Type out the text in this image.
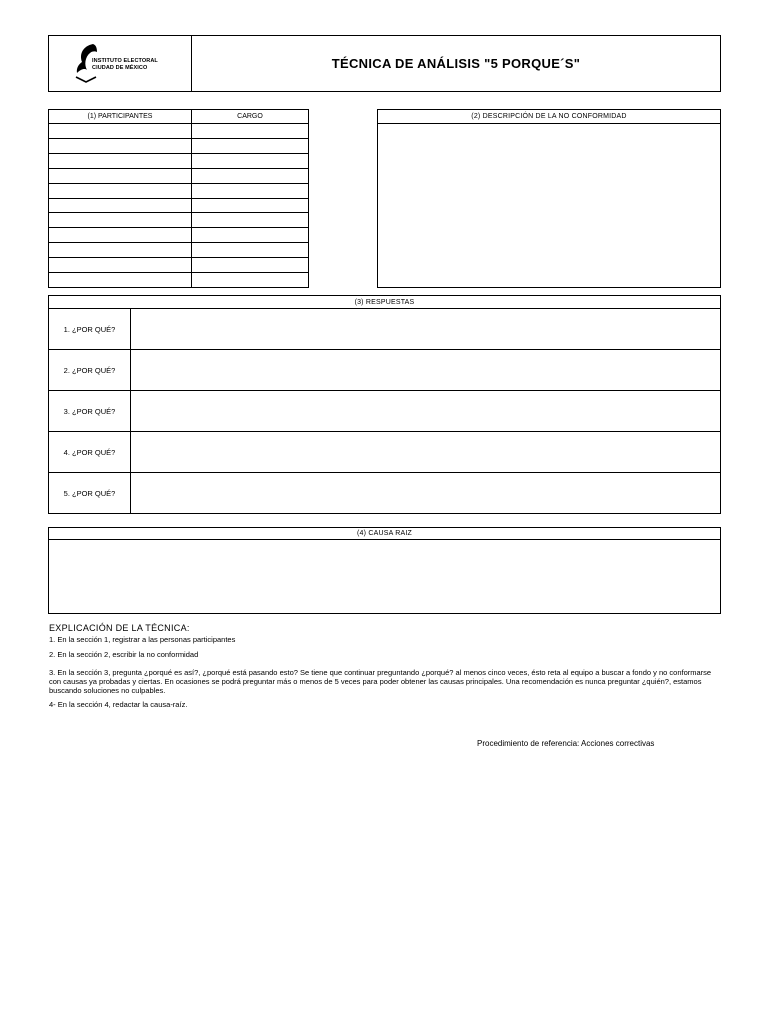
INSTITUTO ELECTORAL
CIUDAD DE MÉXICO	TÉCNICA DE ANÁLISIS "5 PORQUE´S"
(1) PARTICIPANTES	CARGO

		(2) DESCRIPCIÓN DE LA NO CONFORMIDAD
(3) RESPUESTAS
1. ¿POR QUÉ?
2. ¿POR QUÉ?
3. ¿POR QUÉ?
4. ¿POR QUÉ?
5. ¿POR QUÉ?
(4) CAUSA RAIZ
EXPLICACIÓN DE LA TÉCNICA:
1. En la sección 1, registrar a las personas participantes
2. En la sección 2, escribir la no conformidad
3. En la sección 3, pregunta ¿porqué es así?, ¿porqué está pasando esto? Se tiene que continuar preguntando ¿porqué? al menos cinco veces, ésto reta al equipo a buscar a fondo y no conformarse con causas ya probadas y ciertas. En ocasiones se podrá preguntar más o menos de 5 veces para poder obtener las causas principales. Una recomendación es nunca preguntar ¿quién?, estamos buscando soluciones no culpables.
4- En la sección 4, redactar la causa-raíz.
Procedimiento de referencia: Acciones correctivas
